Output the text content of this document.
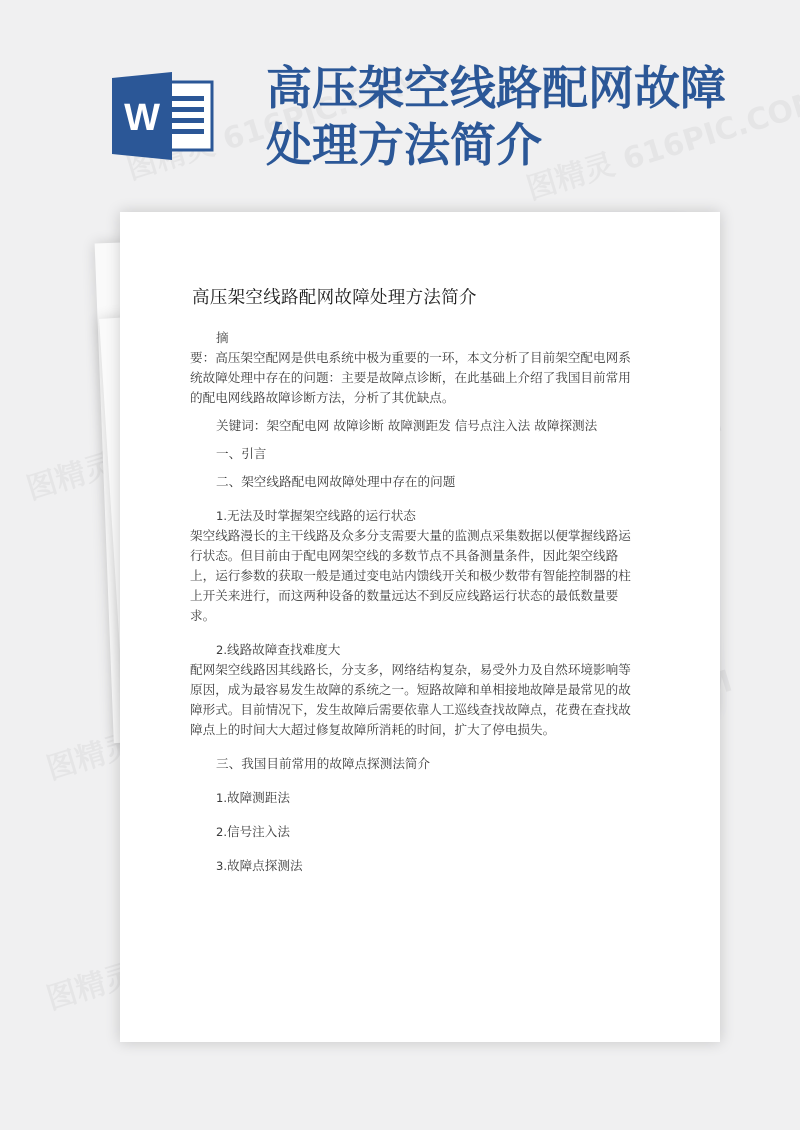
W
高压架空线路配网故障处理方法简介
高压架空线路配网故障处理方法简介

摘

要：高压架空配网是供电系统中极为重要的一环，本文分析了目前架空配电网系统故障处理中存在的问题：主要是故障点诊断，在此基础上介绍了我国目前常用的配电网线路故障诊断方法，分析了其优缺点。

关键词：架空配电网 故障诊断 故障测距发 信号点注入法 故障探测法

一、引言

二、架空线路配电网故障处理中存在的问题

1.无法及时掌握架空线路的运行状态

架空线路漫长的主干线路及众多分支需要大量的监测点采集数据以便掌握线路运行状态。但目前由于配电网架空线的多数节点不具备测量条件，因此架空线路上，运行参数的获取一般是通过变电站内馈线开关和极少数带有智能控制器的柱上开关来进行，而这两种设备的数量远达不到反应线路运行状态的最低数量要求。

2.线路故障查找难度大

配网架空线路因其线路长，分支多，网络结构复杂，易受外力及自然环境影响等原因，成为最容易发生故障的系统之一。短路故障和单相接地故障是最常见的故障形式。目前情况下，发生故障后需要依靠人工巡线查找故障点，花费在查找故障点上的时间大大超过修复故障所消耗的时间，扩大了停电损失。

三、我国目前常用的故障点探测法简介

1.故障测距法

2.信号注入法

3.故障点探测法
